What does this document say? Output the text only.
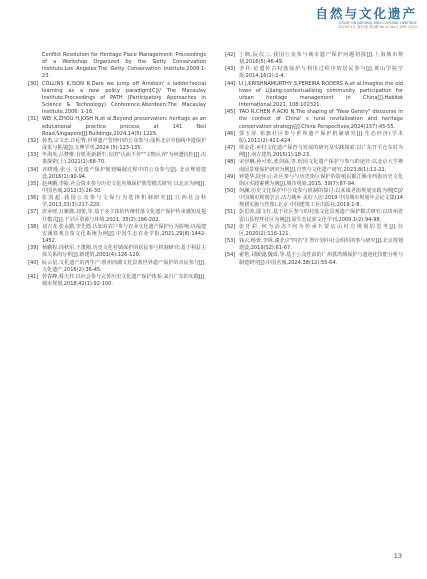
自然与文化遗产
STUDY ON NATURAL AND CULTURAL HERITAGE
2025年4月 第10卷 第2期 Vol.10 No.2 APR. 2025

Conflict Resolution for Heritage Place Management: Proceedings of a Workshop Organized by the Getty Conservation Institute.Los Angeles:The Getty Conservation Institute,2009:1-23.

[30] COLLINS K,ISON R.Dare we jump off Arnstein' s ladder?social learning as a new policy paradigm[C]// The Macaulay Institute.Proceedings of PATH (Participatory Approaches in Science & Technology) Conference.Aberdeen:The Macaulay Institute,2006: 1-16.

[31] WEI X,ZHOU H,JOSH N,et al.Beyond preservation: heritage as an educational practice process at 141 Neil Road,Singapore[J].Buildings,2024,14(5):1225.

[32] 孙勇,宗文忠,许纪秀.世界遗产管理中的公众参与:浅析北京中轴线申遗保护成果与挑战[J].文博学刊,2024 (5):123-135.

[33] 毕海英,吕梦维.有机更新新生:有的"认而不养""文物认养"为何遭抗拒[J].决策探索(上),2021(1):68-70.

[34] 齐晓瑾,张弓.文化遗产保护规划编制过程中的公众参与[J]. 北京规划建设,2016(1):90-94.

[35] 赵燕鹏,李振.社会资本参与历史文化名城保护典型模式研究 以北京为例[J].中国名城,2012(3):26-30.

[36] 张国超.我国公众参与文保行为选择机制研究[J].江西社会科学,2013,33(3):217-220.

[37] 唐承财,万紫微,刘蕾,等.基于多主体的传统村落文化遗产保护传承感知及提升模式[J].干旱区资源与环境,2021, 35(2):196-202.

[38] 刘吉龙,张永勤,李先德.认知对农户参与农业文化遗产保护行为影响:以福建安溪铁观音茶文化系统为例[J].中国生态农业学报,2021,29(8):1442-1452.

[39] 杨鹏程,周秋军,王董刚.历史文化村镇保护的居民参与机制研究:基于利益主体关系的分析[J].新建筑,2001(4):126-129.

[40] 阮云星,文化遗产的再生产:机州西湖文化景观世界遗产保护的市民参与[J].文化遗产,2016(2):36-45.

[41] 曾春峰,蔡天抒.以社会参与完善历史文化遗产保护体系:来自广东的实践[J].城市规划,2018,42(1):92-100.

[42] 丁枫,阮仪三.我国公众参与城市遗产保护问题初探[J].上海城市规划,2016(5):46-49.

[43] 李祥.论遗传古村落保护与利用过程中的居民参与[J].黄山学院学报,2014,16(2):1-4.

[44] LI J,KRISHNAMURTHY S,PEREIRA RODERS A,et al.Imagine the old town of Lijiang:contextualising community participation for urban heritage management in China[J].Habitat International,2021, 108:102321.

[45] TAO R,CHEN P,ACKI N.The shaping of "New Gentry" discourse in the context of China' s rural revitalization and heritage conservation strategy[J].China Perspectives,2024(137):45-55.

[46] 郭玉屏.祁旗社区参与世界遗产保护机制研究[J].生态经济(学术版),2011(2):421-424.

[47] 谭金花.乡村文化遗产保育与发展的研究及实践探索:以广东开平仓东村为例[J].南方建筑,2015(1):18-23.

[48] 宋伊琳,孙可欣,张剑嵩,等.校园文化遗产保护与参与的途径:以北京大学燕南园景观保护研究为例[J].自然与文化遗产研究,2023,8(1):12-21.

[49] 钟楚华,陆怀云.社区参与与历史街区保护的影响以都江堰市西街历史文化街区实践案例为例[J].城市规划,2015, 39(7):87-94.

[50] 何澜.历史文化保护中公众参与机制的探讨:以某镇老街规划实践为例[C]//中国城市规划学会.活力城乡 美好人居:2019 中国城市规划年会论文集(14规划实施与管理).北京:中国建筑工业出版社,2019:1-8.

[51] 彭思涛,邸文红.基于社区参与的村落文化景观遗产保护模式研究:以贵州省雷山县控拜社区为例[J].原生态民族文化学刊,2009,1(2):94-98.

[52] 张牙彩.何为活态?何为传承?:要店山村庄规划的思考[J].住区,2020(2):116-121.

[53] 钱云,杨蕾,李林.湖北京"四名"汇智计划中社会组织的参与研究[J].北京规划建设,2019(S2):61-67.

[54] 翟艳,刘敏婕,魏成,等.基于公众性前的广州荔湾城保护与遗迹化技能分析与制建研究[J].中国名城,2024,38(12):55-64.

13
